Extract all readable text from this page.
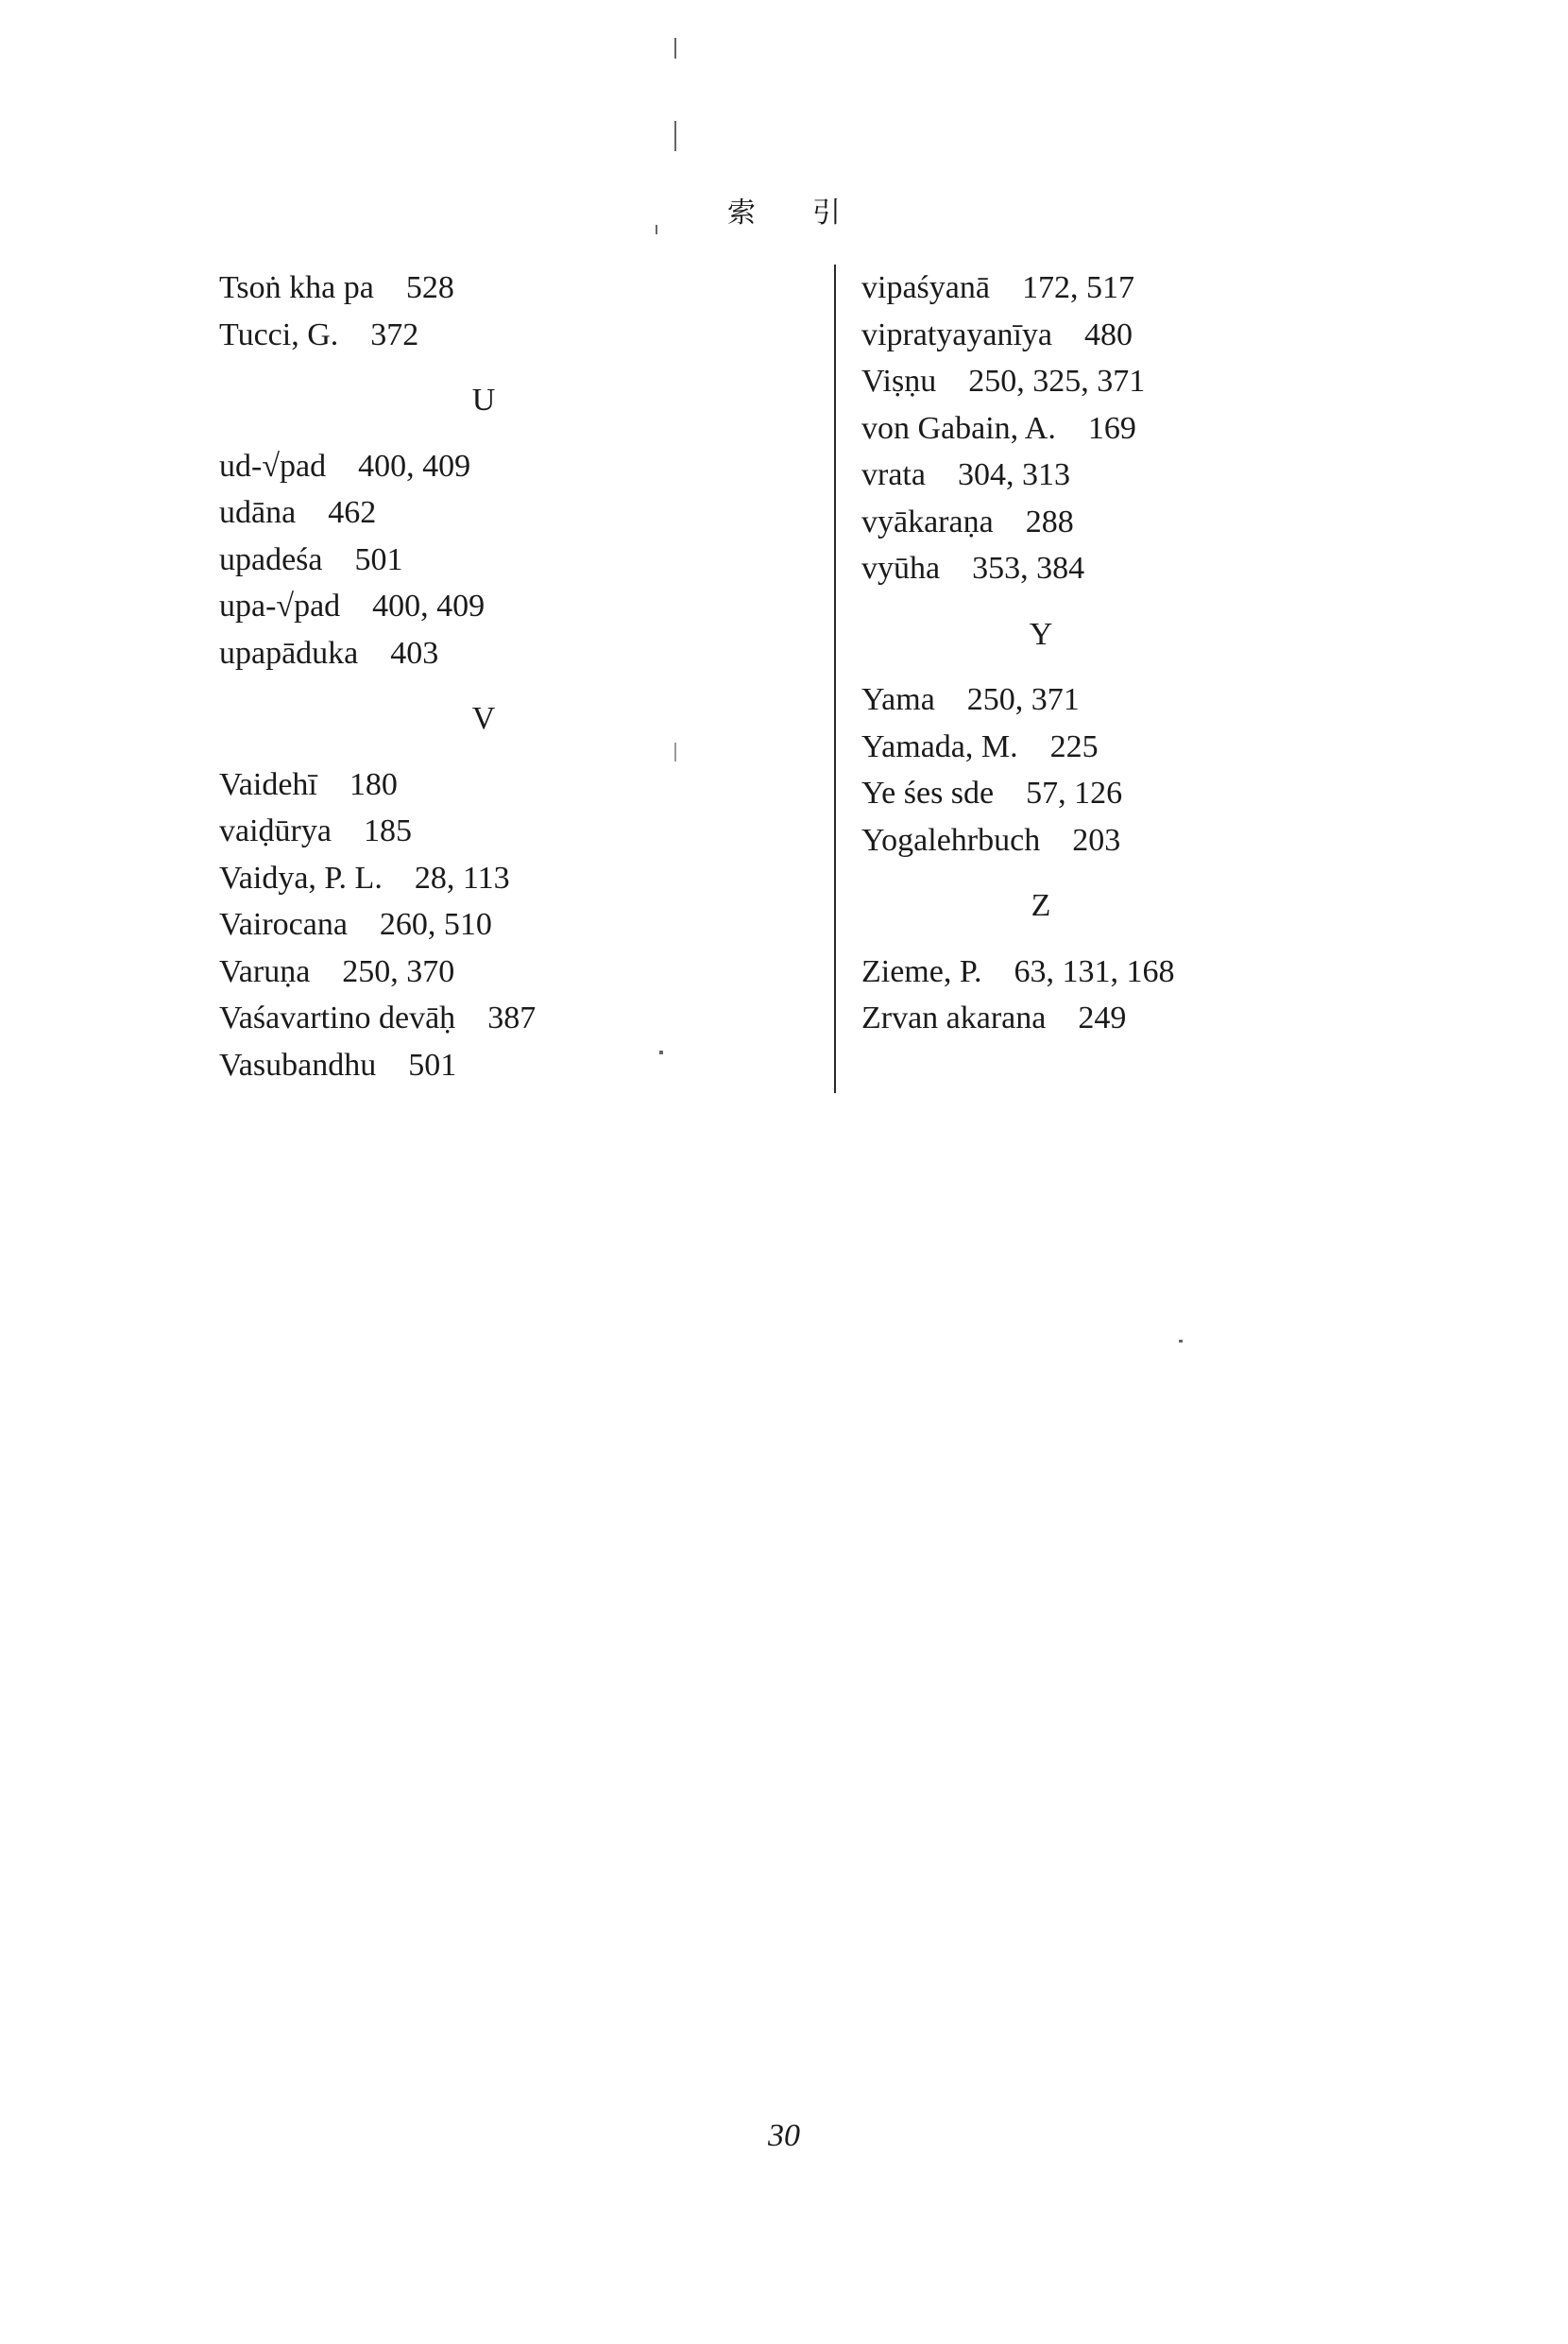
索 引
Tsoṅ kha pa 528
Tucci, G. 372
U
ud-√pad 400, 409
udāna 462
upadeśa 501
upa-√pad 400, 409
upapāduka 403
V
Vaidehī 180
vaiḍūrya 185
Vaidya, P. L. 28, 113
Vairocana 260, 510
Varuṇa 250, 370
Vaśavartino devāḥ 387
Vasubandhu 501
vipaśyanā 172, 517
vipratyayanīya 480
Viṣṇu 250, 325, 371
von Gabain, A. 169
vrata 304, 313
vyākaraṇa 288
vyūha 353, 384
Y
Yama 250, 371
Yamada, M. 225
Ye śes sde 57, 126
Yogalehrbuch 203
Z
Zieme, P. 63, 131, 168
Zrvan akarana 249
30
